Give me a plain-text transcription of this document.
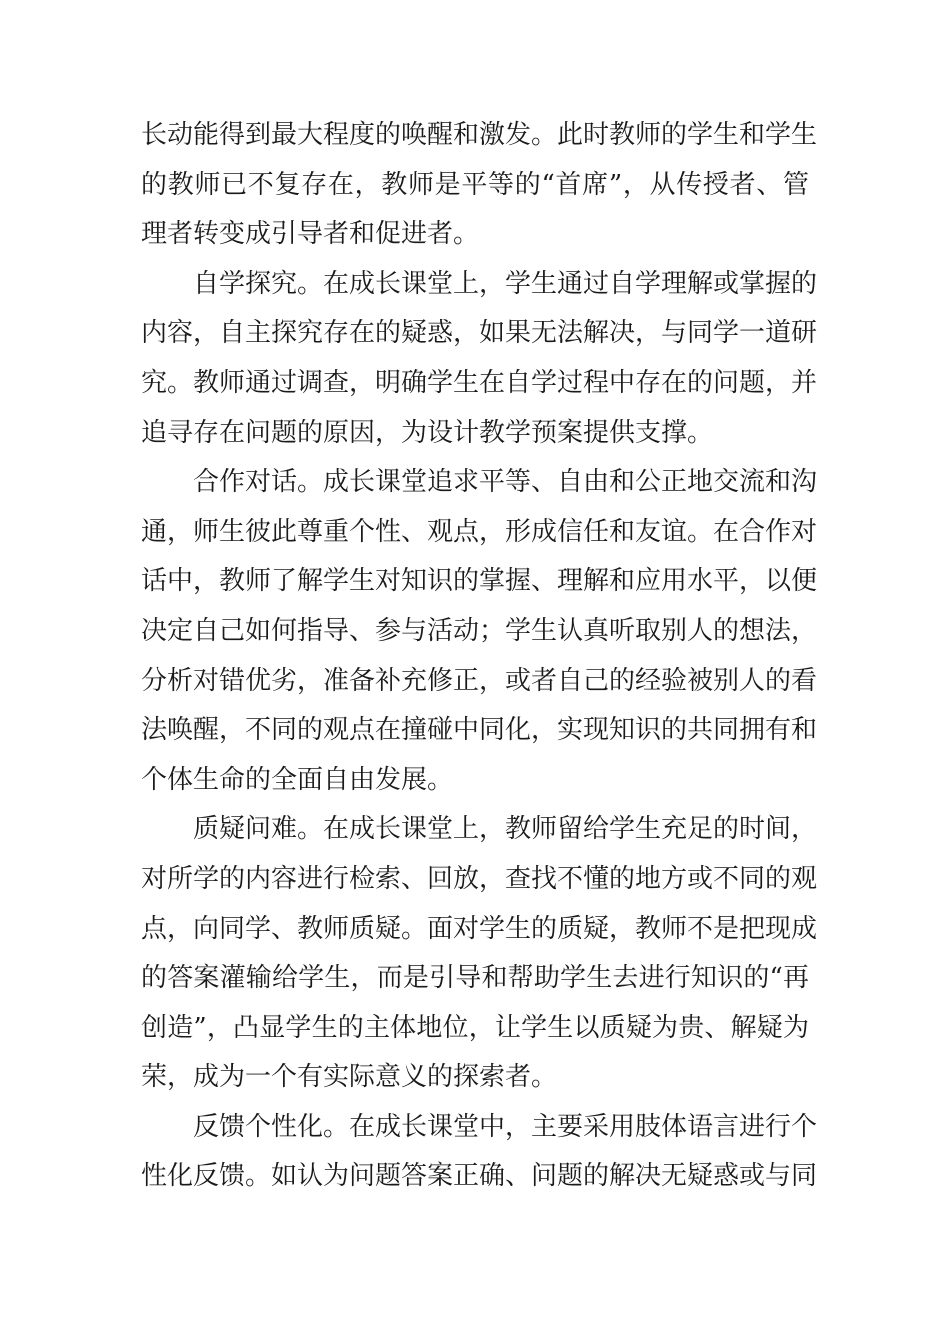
长动能得到最大程度的唤醒和激发。此时教师的学生和学生
的教师已不复存在，教师是平等的“首席”，从传授者、管
理者转变成引导者和促进者。
自学探究。在成长课堂上，学生通过自学理解或掌握的
内容，自主探究存在的疑惑，如果无法解决，与同学一道研
究。教师通过调查，明确学生在自学过程中存在的问题，并
追寻存在问题的原因，为设计教学预案提供支撑。
合作对话。成长课堂追求平等、自由和公正地交流和沟
通，师生彼此尊重个性、观点，形成信任和友谊。在合作对
话中，教师了解学生对知识的掌握、理解和应用水平，以便
决定自己如何指导、参与活动；学生认真听取别人的想法，
分析对错优劣，准备补充修正，或者自己的经验被别人的看
法唤醒，不同的观点在撞碰中同化，实现知识的共同拥有和
个体生命的全面自由发展。
质疑问难。在成长课堂上，教师留给学生充足的时间，
对所学的内容进行检索、回放，查找不懂的地方或不同的观
点，向同学、教师质疑。面对学生的质疑，教师不是把现成
的答案灌输给学生，而是引导和帮助学生去进行知识的“再
创造”，凸显学生的主体地位，让学生以质疑为贵、解疑为
荣，成为一个有实际意义的探索者。
反馈个性化。在成长课堂中，主要采用肢体语言进行个
性化反馈。如认为问题答案正确、问题的解决无疑惑或与同
